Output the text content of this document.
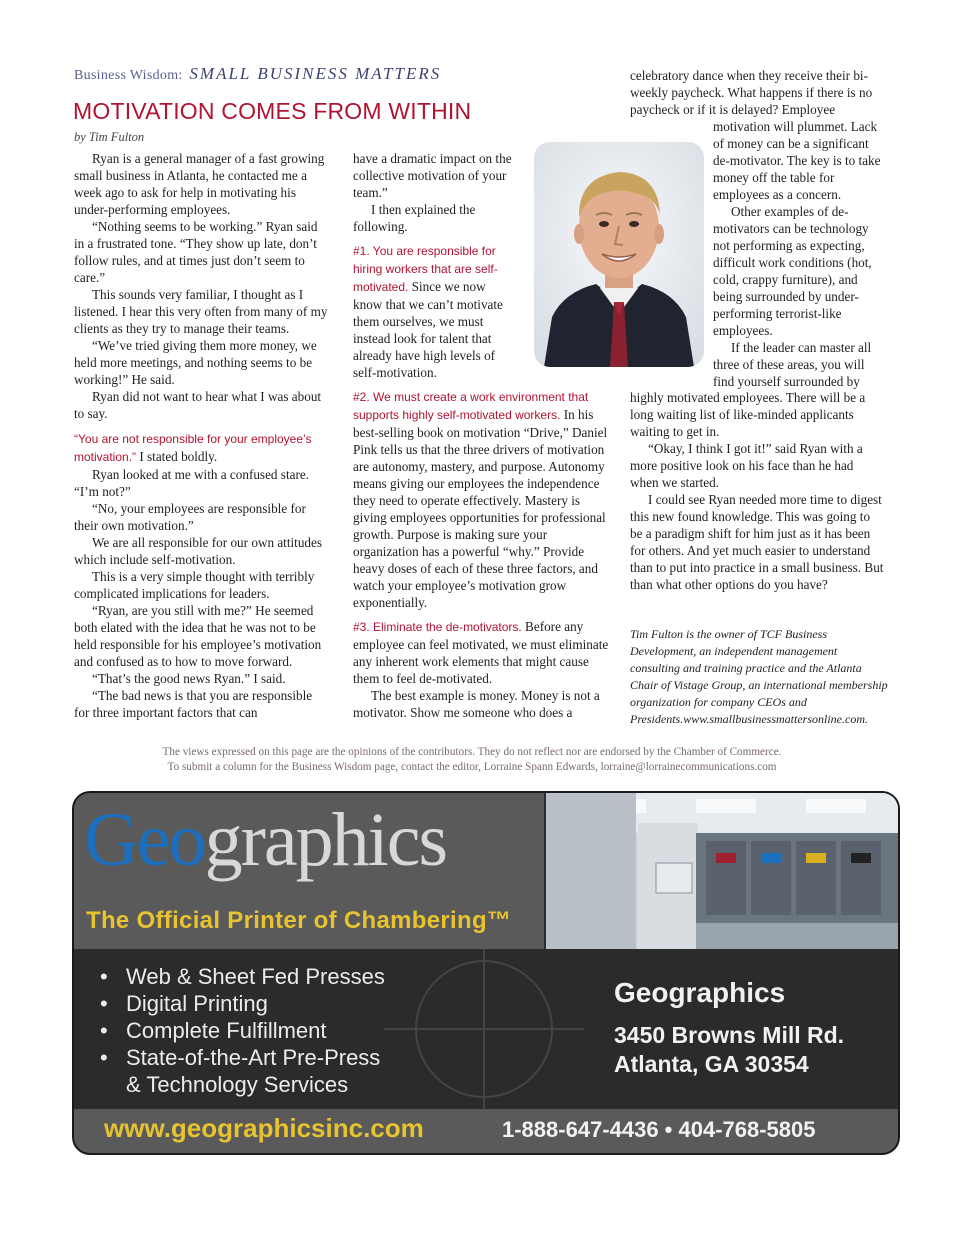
Business Wisdom: SMALL BUSINESS MATTERS
MOTIVATION COMES FROM WITHIN
by Tim Fulton

Ryan is a general manager of a fast growing small business in Atlanta, he contacted me a week ago to ask for help in motivating his under-performing employees.

“Nothing seems to be working.” Ryan said in a frustrated tone. “They show up late, don’t follow rules, and at times just don’t seem to care.”

This sounds very familiar, I thought as I listened. I hear this very often from many of my clients as they try to manage their teams.

“We’ve tried giving them more money, we held more meetings, and nothing seems to be working!” He said.

Ryan did not want to hear what I was about to say.

“You are not responsible for your employee’s motivation.” I stated boldly.

Ryan looked at me with a confused stare. “I’m not?”

“No, your employees are responsible for their own motivation.”

We are all responsible for our own attitudes which include self-motivation.

This is a very simple thought with terribly complicated implications for leaders.

“Ryan, are you still with me?” He seemed both elated with the idea that he was not to be held responsible for his employee’s motivation and confused as to how to move forward.

“That’s the good news Ryan.” I said.

“The bad news is that you are responsible for three important factors that can

have a dramatic impact on the collective motivation of your team.”

I then explained the following.

#1. You are responsible for hiring workers that are self-motivated. Since we now know that we can’t motivate them ourselves, we must instead look for talent that already have high levels of self-motivation.

#2. We must create a work environment that supports highly self-motivated workers. In his best-selling book on motivation “Drive,” Daniel Pink tells us that the three drivers of motivation are autonomy, mastery, and purpose. Autonomy means giving our employees the independence they need to operate effectively. Mastery is giving employees opportunities for professional growth. Purpose is making sure your organization has a powerful “why.” Provide heavy doses of each of these three factors, and watch your employee’s motivation grow exponentially.

#3. Eliminate the de-motivators. Before any employee can feel motivated, we must eliminate any inherent work elements that might cause them to feel de-motivated.

The best example is money. Money is not a motivator. Show me someone who does a

celebratory dance when they receive their bi-weekly paycheck. What happens if there is no paycheck or if it is delayed? Employee

motivation will plummet. Lack of money can be a significant de-motivator. The key is to take money off the table for employees as a concern.

Other examples of de-motivators can be technology not performing as expecting, difficult work conditions (hot, cold, crappy furniture), and being surrounded by under-performing terrorist-like employees.

If the leader can master all three of these areas, you will find yourself surrounded by

highly motivated employees. There will be a long waiting list of like-minded applicants waiting to get in.

“Okay, I think I got it!” said Ryan with a more positive look on his face than he had when we started.

I could see Ryan needed more time to digest this new found knowledge. This was going to be a paradigm shift for him just as it has been for others. And yet much easier to understand than to put into practice in a small business. But than what other options do you have?

Tim Fulton is the owner of TCF Business Development, an independent management consulting and training practice and the Atlanta Chair of Vistage Group, an international membership organization for company CEOs and Presidents.www.smallbusinessmattersonline.com.
The views expressed on this page are the opinions of the contributors. They do not reflect nor are endorsed by the Chamber of Commerce.
To submit a column for the Business Wisdom page, contact the editor, Lorraine Spann Edwards, lorraine@lorrainecommunications.com
Geographics
The Official Printer of Chambering™
• Web & Sheet Fed Presses
• Digital Printing
• Complete Fulfillment
• State-of-the-Art Pre-Press
& Technology Services
Geographics
3450 Browns Mill Rd.
Atlanta, GA 30354
www.geographicsinc.com	1-888-647-4436 • 404-768-5805
